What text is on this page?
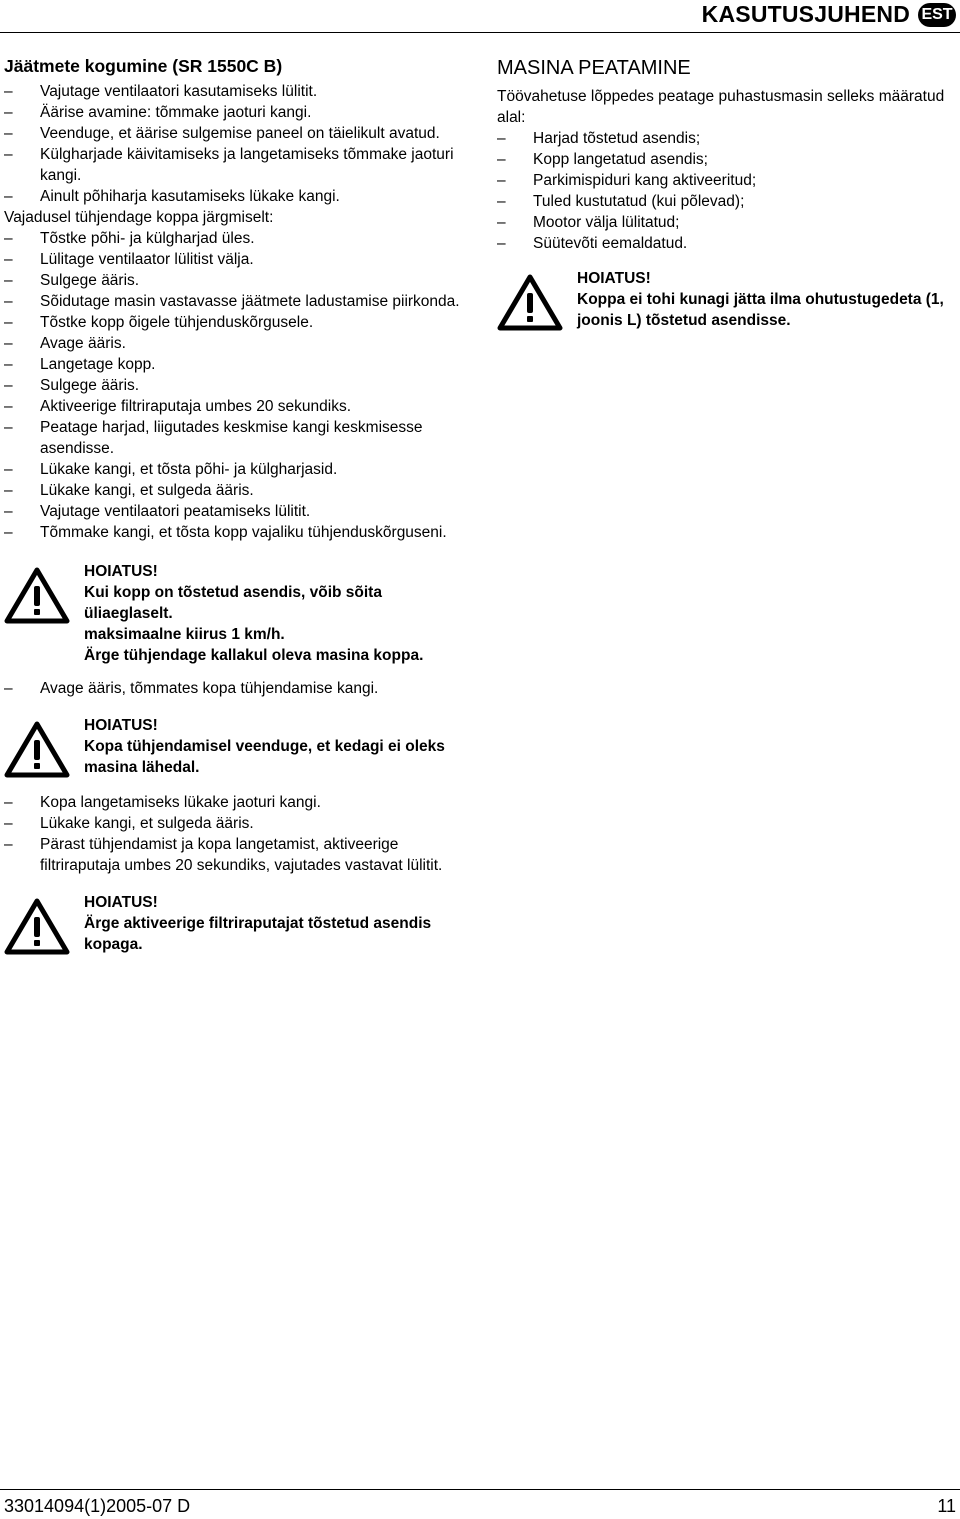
KASUTUSJUHEND EST
Jäätmete kogumine (SR 1550C B)
– Vajutage ventilaatori kasutamiseks lülitit.
– Äärise avamine: tõmmake jaoturi kangi.
– Veenduge, et äärise sulgemise paneel on täielikult avatud.
– Külgharjade käivitamiseks ja langetamiseks tõmmake jaoturi kangi.
– Ainult põhiharja kasutamiseks lükake kangi.

Vajadusel tühjendage koppa järgmiselt:

– Tõstke põhi- ja külgharjad üles.
– Lülitage ventilaator lülitist välja.
– Sulgege ääris.
– Sõidutage masin vastavasse jäätmete ladustamise piirkonda.
– Tõstke kopp õigele tühjenduskõrgusele.
– Avage ääris.
– Langetage kopp.
– Sulgege ääris.
– Aktiveerige filtriraputaja umbes 20 sekundiks.
– Peatage harjad, liigutades keskmise kangi keskmisesse asendisse.
– Lükake kangi, et tõsta põhi- ja külgharjasid.
– Lükake kangi, et sulgeda ääris.
– Vajutage ventilaatori peatamiseks lülitit.
– Tõmmake kangi, et tõsta kopp vajaliku tühjenduskõrguseni.
HOIATUS!
Kui kopp on tõstetud asendis, võib sõita üliaeglaselt.
maksimaalne kiirus 1 km/h.
Ärge tühjendage kallakul oleva masina koppa.
– Avage ääris, tõmmates kopa tühjendamise kangi.
HOIATUS!
Kopa tühjendamisel veenduge, et kedagi ei oleks masina lähedal.
– Kopa langetamiseks lükake jaoturi kangi.
– Lükake kangi, et sulgeda ääris.
– Pärast tühjendamist ja kopa langetamist, aktiveerige filtriraputaja umbes 20 sekundiks, vajutades vastavat lülitit.
HOIATUS!
Ärge aktiveerige filtriraputajat tõstetud asendis kopaga.
MASINA PEATAMINE

Töövahetuse lõppedes peatage puhastusmasin selleks määratud alal:

– Harjad tõstetud asendis;
– Kopp langetatud asendis;
– Parkimispiduri kang aktiveeritud;
– Tuled kustutatud (kui põlevad);
– Mootor välja lülitatud;
– Süütevõti eemaldatud.
HOIATUS!
Koppa ei tohi kunagi jätta ilma ohutustugedeta (1, joonis L) tõstetud asendisse.
33014094(1)2005-07 D	11
